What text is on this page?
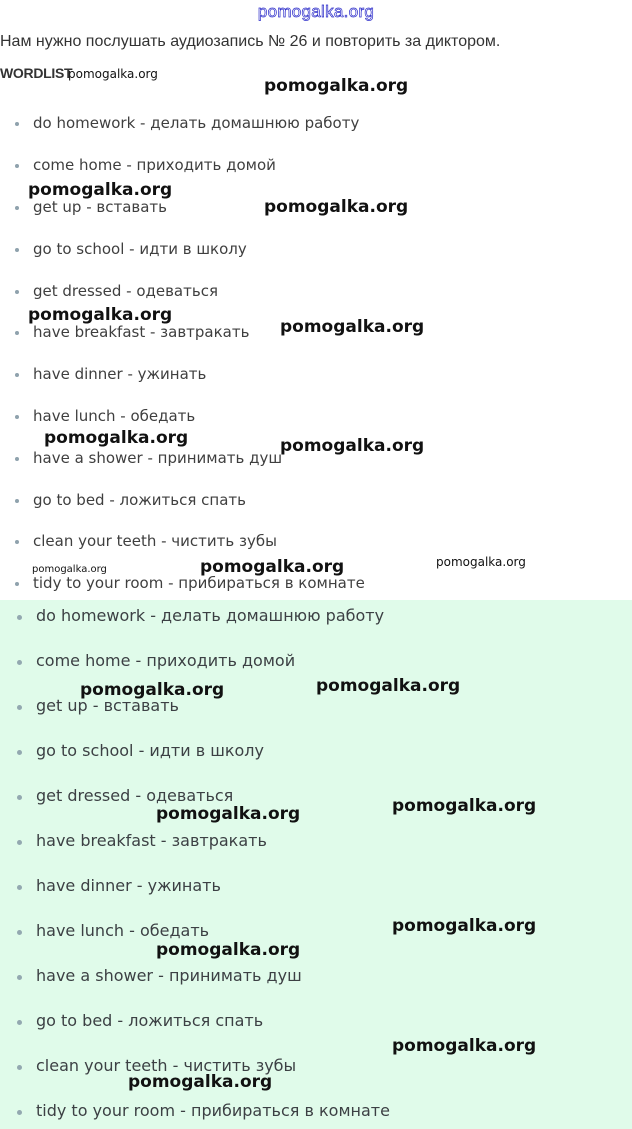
pomogalka.org

Нам нужно послушать аудиозапись № 26 и повторить за диктором.

WORDLIST
do homework - делать домашнюю работу
come home - приходить домой
get up - вставать
go to school - идти в школу
get dressed - одеваться
have breakfast - завтракать
have dinner - ужинать
have lunch - обедать
have a shower - принимать душ
go to bed - ложиться спать
clean your teeth - чистить зубы
tidy to your room - прибираться в комнате
do homework - делать домашнюю работу
come home - приходить домой
get up - вставать
go to school - идти в школу
get dressed - одеваться
have breakfast - завтракать
have dinner - ужинать
have lunch - обедать
have a shower - принимать душ
go to bed - ложиться спать
clean your teeth - чистить зубы
tidy to your room - прибираться в комнате
pomogalka.org
pomogalka.org
pomogalka.org
pomogalka.org
pomogalka.org
pomogalka.org
pomogalka.org	pomogalka.org
pomogalka.org	pomogalka.org	pomogalka.org
pomogalka.org	pomogalka.org
pomogalka.org	pomogalka.org
pomogalka.org
pomogalka.org
pomogalka.org
pomogalka.org
